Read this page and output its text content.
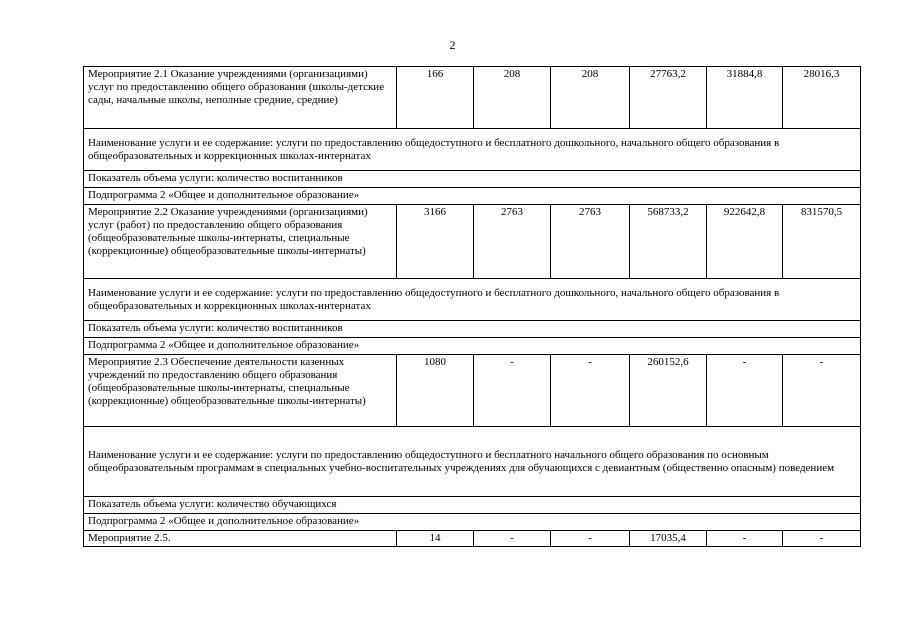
2
Мероприятие 2.1 Оказание учреждениями (организациями) услуг по предоставлению общего образования (школы-детские сады, начальные школы, неполные средние, средние)	166	208	208	27763,2	31884,8	28016,3
Наименование услуги и ее содержание: услуги по предоставлению общедоступного и бесплатного дошкольного, начального общего образования в общеобразовательных и коррекционных школах-интернатах						
Показатель объема услуги: количество воспитанников						
Подпрограмма 2 «Общее и дополнительное образование»						
Мероприятие 2.2 Оказание учреждениями (организациями) услуг (работ) по предоставлению общего образования (общеобразовательные школы-интернаты, специальные (коррекционные) общеобразовательные школы-интернаты)	3166	2763	2763	568733,2	922642,8	831570,5
Наименование услуги и ее содержание: услуги по предоставлению общедоступного и бесплатного дошкольного, начального общего образования в общеобразовательных и коррекционных школах-интернатах						
Показатель объема услуги: количество воспитанников						
Подпрограмма 2 «Общее и дополнительное образование»						
Мероприятие 2.3 Обеспечение деятельности казенных учреждений по предоставлению общего образования (общеобразовательные школы-интернаты, специальные (коррекционные) общеобразовательные школы-интернаты)	1080	-	-	260152,6	-	-
Наименование услуги и ее содержание: услуги по предоставлению общедоступного и бесплатного начального общего образования по основным общеобразовательным программам в специальных учебно-воспитательных учреждениях для обучающихся с девиантным (общественно опасным) поведением						
Показатель объема услуги: количество обучающихся						
Подпрограмма 2 «Общее и дополнительное образование»						
Мероприятие 2.5.	14	-	-	17035,4	-	-
